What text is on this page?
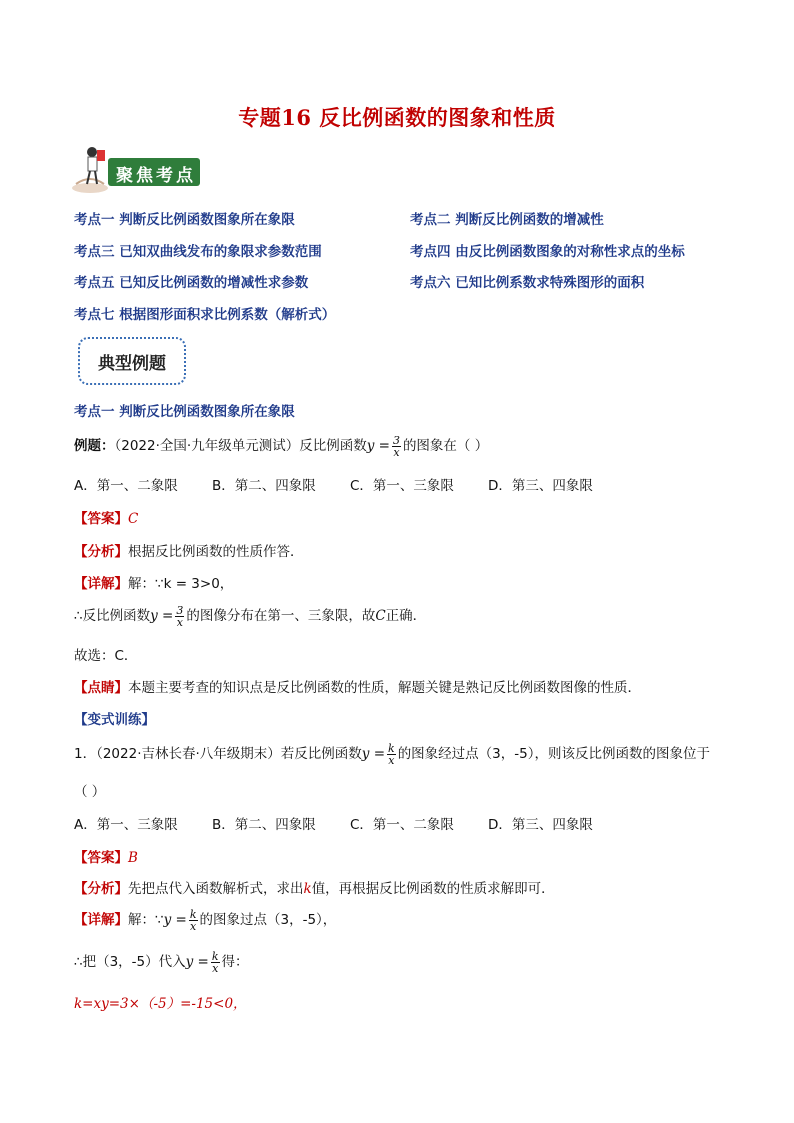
专题16 反比例函数的图象和性质
聚焦考点
考点一 判断反比例函数图象所在象限	考点二 判断反比例函数的增减性
考点三 已知双曲线发布的象限求参数范围	考点四 由反比例函数图象的对称性求点的坐标
考点五 已知反比例函数的增减性求参数	考点六 已知比例系数求特殊图形的面积
考点七 根据图形面积求比例系数（解析式）
典型例题
考点一 判断反比例函数图象所在象限
例题：（2022·全国·九年级单元测试）反比例函数$y = \frac{3}{x}$ 的图象在（ ）
A．第一、二象限	B．第二、四象限	C．第一、三象限	D．第三、四象限
【答案】C
【分析】根据反比例函数的性质作答．
【详解】解：∵k = 3>0，
∴反比例函数$y = \frac{3}{x}$ 的图像分布在第一、三象限，故C正确．
故选：C．
【点睛】本题主要考查的知识点是反比例函数的性质，解题关键是熟记反比例函数图像的性质．
【变式训练】
1．（2022·吉林长春·八年级期末）若反比例函数$y = \frac{k}{x}$ 的图象经过点（3，-5），则该反比例函数的图象位于
（ ）
A．第一、三象限	B．第二、四象限	C．第一、二象限	D．第三、四象限
【答案】B
【分析】先把点代入函数解析式，求出k值，再根据反比例函数的性质求解即可．
【详解】解：∵y = $\frac{k}{x}$ 的图象过点（3，-5），
∴把（3，-5）代入$y = \frac{k}{x}$ 得：
k=xy=3×（-5）=-15<0，
